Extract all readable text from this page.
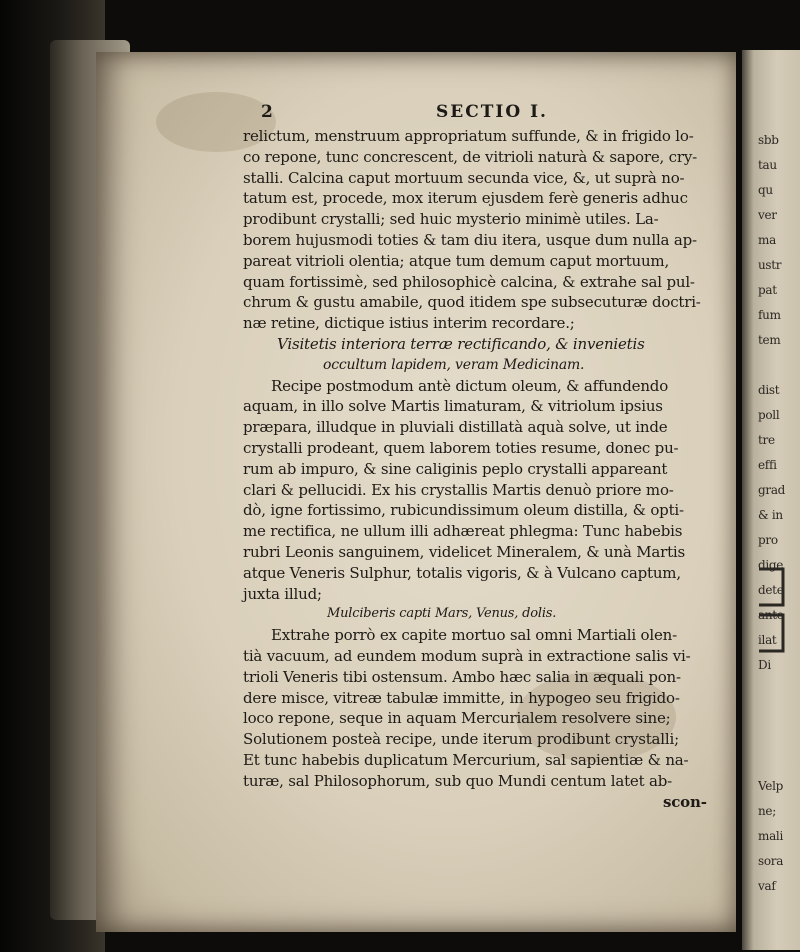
2	SECTIO I.
relictum, menstruum appropriatum suffunde, & in frigido lo-
co repone, tunc concrescent, de vitrioli naturà & sapore, cry-
stalli. Calcina caput mortuum secunda vice, &, ut suprà no-
tatum est, procede, mox iterum ejusdem ferè generis adhuc
prodibunt crystalli; sed huic mysterio minimè utiles. La-
borem hujusmodi toties & tam diu itera, usque dum nulla ap-
pareat vitrioli olentia; atque tum demum caput mortuum,
quam fortissimè, sed philosophicè calcina, & extrahe sal pul-
chrum & gustu amabile, quod itidem spe subsecuturæ doctri-
næ retine, dictique istius interim recordare.;
Visitetis interiora terræ rectificando, & invenietis
occultum lapidem, veram Medicinam.
Recipe postmodum antè dictum oleum, & affundendo
aquam, in illo solve Martis limaturam, & vitriolum ipsius
præpara, illudque in pluviali distillatà aquà solve, ut inde
crystalli prodeant, quem laborem toties resume, donec pu-
rum ab impuro, & sine caliginis peplo crystalli appareant
clari & pellucidi. Ex his crystallis Martis denuò priore mo-
dò, igne fortissimo, rubicundissimum oleum distilla, & opti-
me rectifica, ne ullum illi adhæreat phlegma: Tunc habebis
rubri Leonis sanguinem, videlicet Mineralem, & unà Martis
atque Veneris Sulphur, totalis vigoris, & à Vulcano captum,
juxta illud;
Mulciberis capti Mars, Venus, dolis.
Extrahe porrò ex capite mortuo sal omni Martiali olen-
tià vacuum, ad eundem modum suprà in extractione salis vi-
trioli Veneris tibi ostensum. Ambo hæc salia in æquali pon-
dere misce, vitreæ tabulæ immitte, in hypogeo seu frigido-
loco repone, seque in aquam Mercurialem resolvere sine;
Solutionem posteà recipe, unde iterum prodibunt crystalli;
Et tunc habebis duplicatum Mercurium, sal sapientiæ & na-
turæ, sal Philosophorum, sub quo Mundi centum latet ab-
scon-
sbb
tau
qu
ver
ma
ustr
pat
fum
tem
dist
poll
tre
effi
grad
& in
pro
dige
dete
ante
ilat
Di
Velp
ne;
mali
sora
vaf
